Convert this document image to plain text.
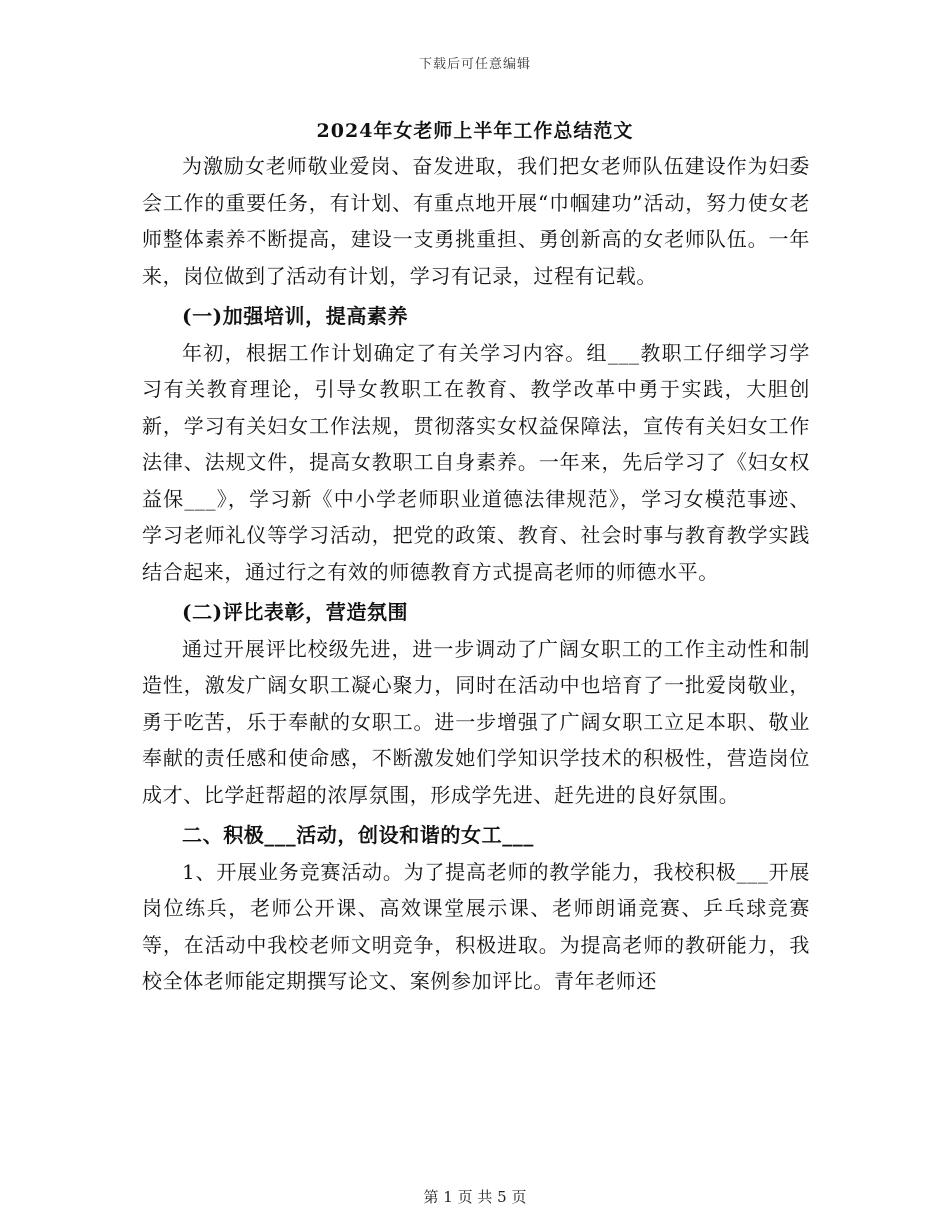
下载后可任意编辑
2024年女老师上半年工作总结范文

为激励女老师敬业爱岗、奋发进取，我们把女老师队伍建设作为妇委会工作的重要任务，有计划、有重点地开展“巾帼建功”活动，努力使女老师整体素养不断提高，建设一支勇挑重担、勇创新高的女老师队伍。一年来，岗位做到了活动有计划，学习有记录，过程有记载。

(一)加强培训，提高素养

年初，根据工作计划确定了有关学习内容。组___教职工仔细学习学习有关教育理论，引导女教职工在教育、教学改革中勇于实践，大胆创新，学习有关妇女工作法规，贯彻落实女权益保障法，宣传有关妇女工作法律、法规文件，提高女教职工自身素养。一年来，先后学习了《妇女权益保___》，学习新《中小学老师职业道德法律规范》，学习女模范事迹、学习老师礼仪等学习活动，把党的政策、教育、社会时事与教育教学实践结合起来，通过行之有效的师德教育方式提高老师的师德水平。

(二)评比表彰，营造氛围

通过开展评比校级先进，进一步调动了广阔女职工的工作主动性和制造性，激发广阔女职工凝心聚力，同时在活动中也培育了一批爱岗敬业，勇于吃苦，乐于奉献的女职工。进一步增强了广阔女职工立足本职、敬业奉献的责任感和使命感，不断激发她们学知识学技术的积极性，营造岗位成才、比学赶帮超的浓厚氛围，形成学先进、赶先进的良好氛围。

二、积极___活动，创设和谐的女工___

1、开展业务竞赛活动。为了提高老师的教学能力，我校积极___开展岗位练兵，老师公开课、高效课堂展示课、老师朗诵竞赛、乒乓球竞赛等，在活动中我校老师文明竞争，积极进取。为提高老师的教研能力，我校全体老师能定期撰写论文、案例参加评比。青年老师还

第 1 页 共 5 页
